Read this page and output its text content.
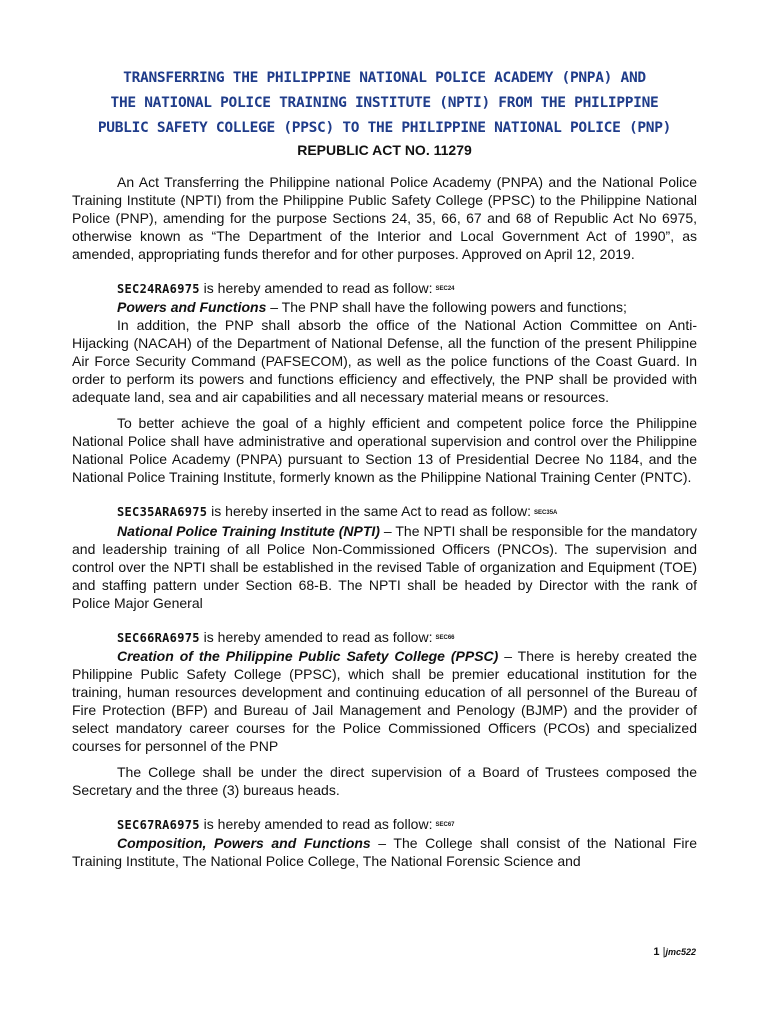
TRANSFERRING THE PHILIPPINE NATIONAL POLICE ACADEMY (PNPA) AND
THE NATIONAL POLICE TRAINING INSTITUTE (NPTI) FROM THE PHILIPPINE
PUBLIC SAFETY COLLEGE (PPSC) TO THE PHILIPPINE NATIONAL POLICE (PNP)
REPUBLIC ACT NO. 11279

An Act Transferring the Philippine national Police Academy (PNPA) and the National Police Training Institute (NPTI) from the Philippine Public Safety College (PPSC) to the Philippine National Police (PNP), amending for the purpose Sections 24, 35, 66, 67 and 68 of Republic Act No 6975, otherwise known as “The Department of the Interior and Local Government Act of 1990”, as amended, appropriating funds therefor and for other purposes. Approved on April 12, 2019.

SEC24RA6975 is hereby amended to read as follow: SEC24

Powers and Functions – The PNP shall have the following powers and functions;

In addition, the PNP shall absorb the office of the National Action Committee on Anti-Hijacking (NACAH) of the Department of National Defense, all the function of the present Philippine Air Force Security Command (PAFSECOM), as well as the police functions of the Coast Guard. In order to perform its powers and functions efficiency and effectively, the PNP shall be provided with adequate land, sea and air capabilities and all necessary material means or resources.

To better achieve the goal of a highly efficient and competent police force the Philippine National Police shall have administrative and operational supervision and control over the Philippine National Police Academy (PNPA) pursuant to Section 13 of Presidential Decree No 1184, and the National Police Training Institute, formerly known as the Philippine National Training Center (PNTC).

SEC35ARA6975 is hereby inserted in the same Act to read as follow: SEC35A

National Police Training Institute (NPTI) – The NPTI shall be responsible for the mandatory and leadership training of all Police Non-Commissioned Officers (PNCOs). The supervision and control over the NPTI shall be established in the revised Table of organization and Equipment (TOE) and staffing pattern under Section 68-B. The NPTI shall be headed by Director with the rank of Police Major General

SEC66RA6975 is hereby amended to read as follow: SEC66

Creation of the Philippine Public Safety College (PPSC) – There is hereby created the Philippine Public Safety College (PPSC), which shall be premier educational institution for the training, human resources development and continuing education of all personnel of the Bureau of Fire Protection (BFP) and Bureau of Jail Management and Penology (BJMP) and the provider of select mandatory career courses for the Police Commissioned Officers (PCOs) and specialized courses for personnel of the PNP

The College shall be under the direct supervision of a Board of Trustees composed the Secretary and the three (3) bureaus heads.

SEC67RA6975 is hereby amended to read as follow: SEC67

Composition, Powers and Functions – The College shall consist of the National Fire Training Institute, The National Police College, The National Forensic Science and

1 |jmc522
